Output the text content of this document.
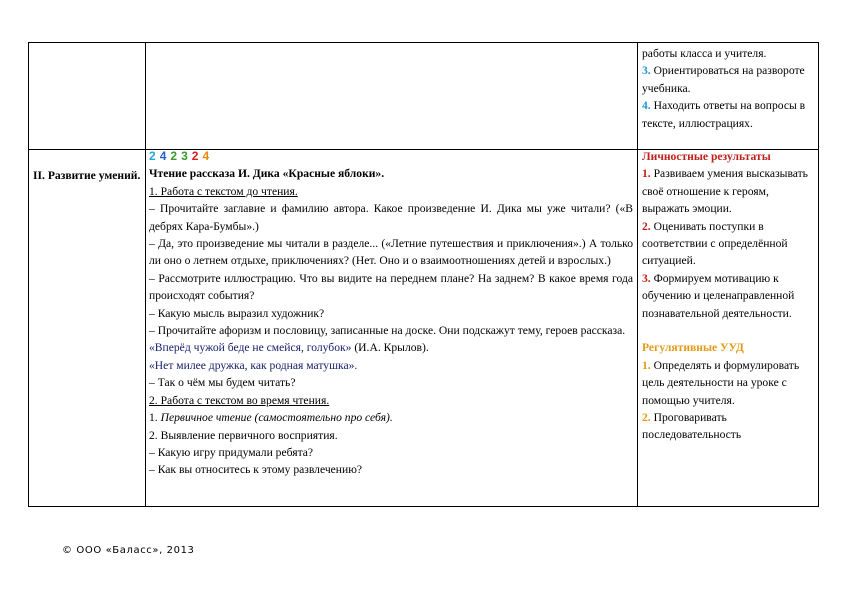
работы класса и учителя.

3. Ориентироваться на развороте учебника.

4. Находить ответы на вопросы в тексте, иллюстрациях.

II. Развитие умений.

2 4 2 3 2 4

Чтение рассказа И. Дика «Красные яблоки».

1. Работа с текстом до чтения.

– Прочитайте заглавие и фамилию автора. Какое произведение И. Дика мы уже читали? («В дебрях Кара-Бумбы».)

– Да, это произведение мы читали в разделе... («Летние путешествия и приключения».) А только ли оно о летнем отдыхе, приключениях? (Нет. Оно и о взаимоотношениях детей и взрослых.)

– Рассмотрите иллюстрацию. Что вы видите на переднем плане? На заднем? В какое время года происходят события?

– Какую мысль выразил художник?

– Прочитайте афоризм и пословицу, записанные на доске. Они подскажут тему, героев рассказа.

«Вперёд чужой беде не смейся, голубок» (И.А. Крылов).

«Нет милее дружка, как родная матушка».

– Так о чём мы будем читать?

2. Работа с текстом во время чтения.

1. Первичное чтение (самостоятельно про себя).

2. Выявление первичного восприятия.

– Какую игру придумали ребята?

– Как вы относитесь к этому развлечению?

Личностные результаты

1. Развиваем умения высказывать своё отношение к героям, выражать эмоции.

2. Оценивать поступки в соответствии с определённой ситуацией.

3. Формируем мотивацию к обучению и целенаправленной познавательной деятельности.

Регулятивные УУД

1. Определять и формулировать цель деятельности на уроке с помощью учителя.

2. Проговаривать последовательность

© ООО «Баласс», 2013
